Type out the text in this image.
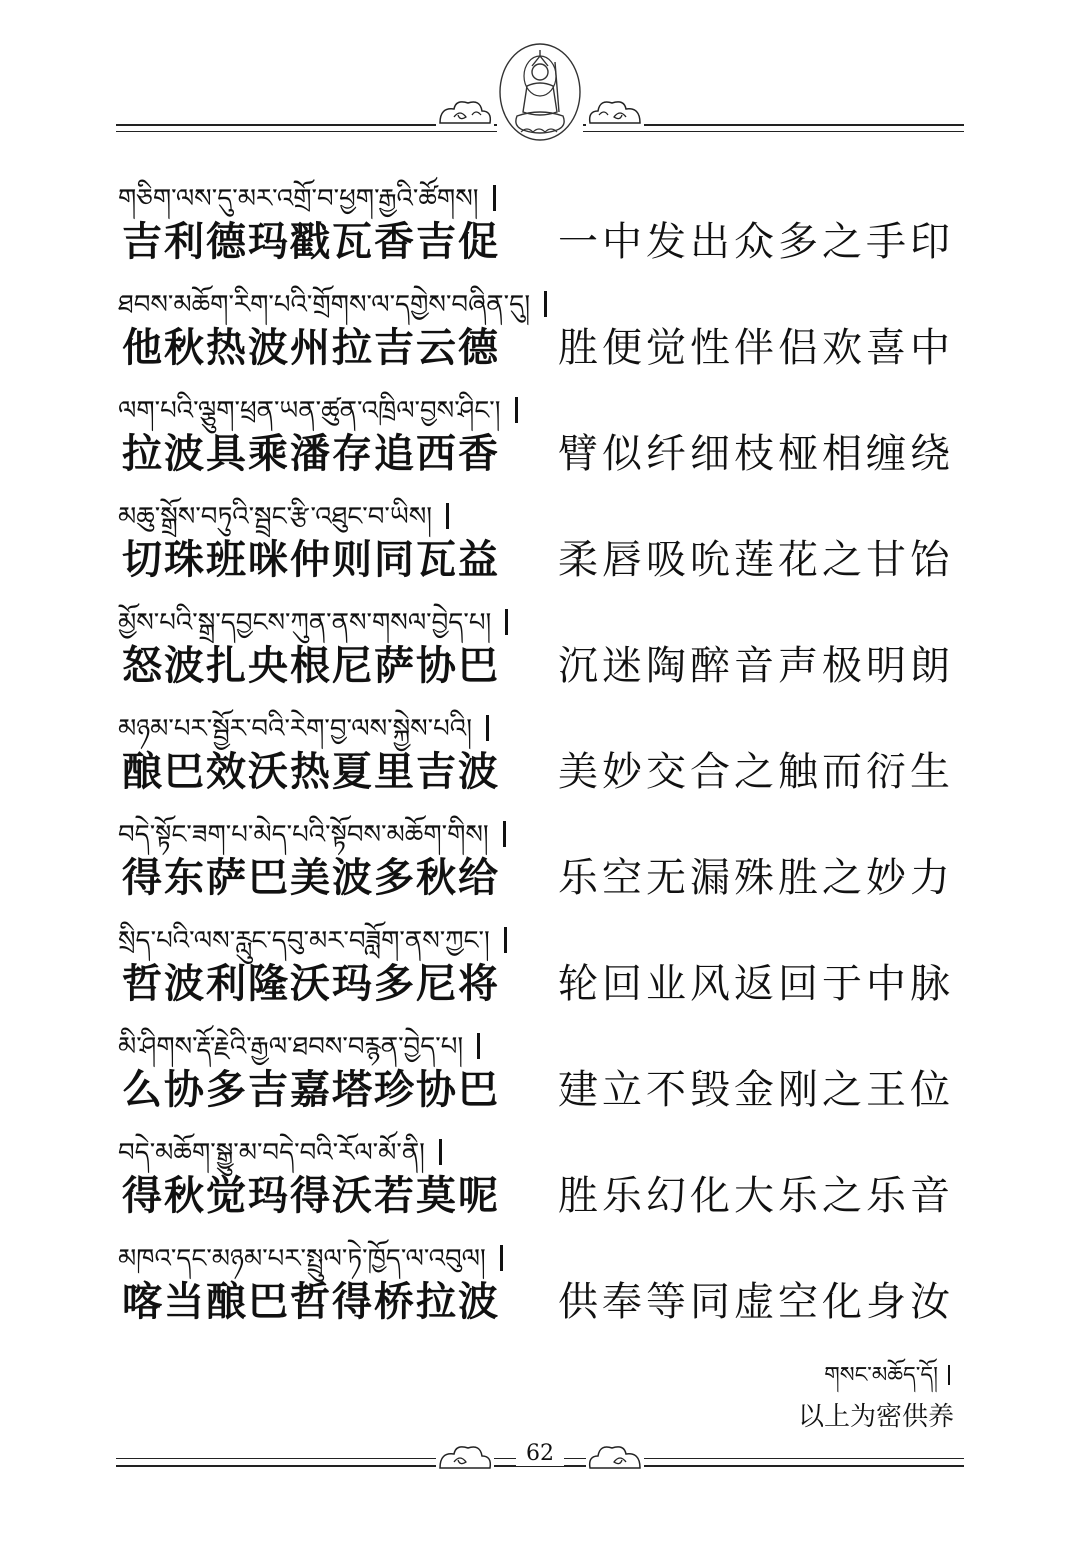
གཅིག་ལས་དུ་མར་འགྲོ་བ་ཕྱག་རྒྱའི་ཚོགས།
吉利德玛戳瓦香吉促 一中发出众多之手印
ཐབས་མཆོག་རིག་པའི་གྲོགས་ལ་དགྱེས་བཞིན་དུ།
他秋热波州拉吉云德 胜便觉性伴侣欢喜中
ལག་པའི་ལྕུག་ཕྲན་ཡན་ཚུན་འཁྲིལ་བྱས་ཤིང་།
拉波具乘潘存追西香 臂似纤细枝桠相缠绕
མཆུ་སྒྲོས་བཏུའི་སྦྲང་རྩི་འཐུང་བ་ཡིས།
切珠班咪仲则同瓦益 柔唇吸吮莲花之甘饴
མྱོས་པའི་སྒྲ་དབྱངས་ཀུན་ནས་གསལ་བྱེད་པ།
怒波扎央根尼萨协巴 沉迷陶醉音声极明朗
མཉམ་པར་སྦྱོར་བའི་རེག་བྱ་ལས་སྐྱེས་པའི།
酿巴效沃热夏里吉波 美妙交合之触而衍生
བདེ་སྟོང་ཟག་པ་མེད་པའི་སྟོབས་མཆོག་གིས།
得东萨巴美波多秋给 乐空无漏殊胜之妙力
སྲིད་པའི་ལས་རླུང་དབུ་མར་བཟློག་ནས་ཀྱང་།
哲波利隆沃玛多尼将 轮回业风返回于中脉
མི་ཤིགས་རྡོ་རྗེའི་རྒྱལ་ཐབས་བརྙན་བྱེད་པ།
么协多吉嘉塔珍协巴 建立不毁金刚之王位
བདེ་མཆོག་སྒྱུ་མ་བདེ་བའི་རོལ་མོ་ནི།
得秋觉玛得沃若莫呢 胜乐幻化大乐之乐音
མཁའ་དང་མཉམ་པར་སྤྲུལ་ཏེ་ཁྱོད་ལ་འབུལ།
喀当酿巴哲得桥拉波 供奉等同虚空化身汝
གསང་མཆོད་དོ།
以上为密供养
62
